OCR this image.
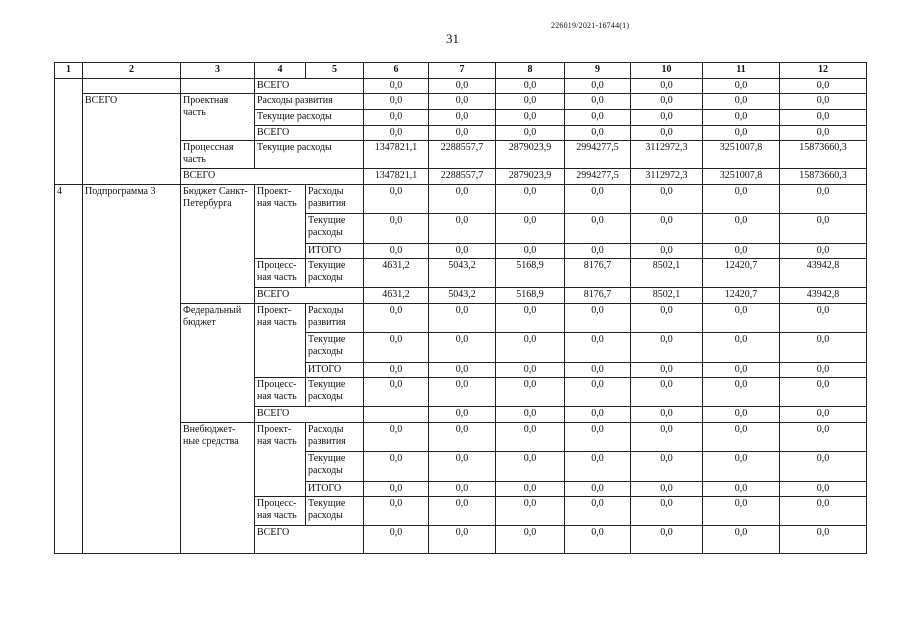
226019/2021-16744(1)
31
1	2	3	4	5	6	7	8	9	10	11	12
			ВСЕГО		0,0	0,0	0,0	0,0	0,0	0,0	0,0
	ВСЕГО	Проектная часть	Расходы развития		0,0	0,0	0,0	0,0	0,0	0,0	0,0
			Текущие расходы		0,0	0,0	0,0	0,0	0,0	0,0	0,0
			ВСЕГО		0,0	0,0	0,0	0,0	0,0	0,0	0,0
		Процессная часть	Текущие расходы		1347821,1	2288557,7	2879023,9	2994277,5	3112972,3	3251007,8	15873660,3
		ВСЕГО			1347821,1	2288557,7	2879023,9	2994277,5	3112972,3	3251007,8	15873660,3
4	Подпрограмма 3	Бюджет Санкт-Петербурга	Проект-ная часть	Расходы развития	0,0	0,0	0,0	0,0	0,0	0,0	0,0
				Текущие расходы	0,0	0,0	0,0	0,0	0,0	0,0	0,0
				ИТОГО	0,0	0,0	0,0	0,0	0,0	0,0	0,0
			Процесс-ная часть	Текущие расходы	4631,2	5043,2	5168,9	8176,7	8502,1	12420,7	43942,8
			ВСЕГО		4631,2	5043,2	5168,9	8176,7	8502,1	12420,7	43942,8
		Федеральный бюджет	Проект-ная часть	Расходы развития	0,0	0,0	0,0	0,0	0,0	0,0	0,0
				Текущие расходы	0,0	0,0	0,0	0,0	0,0	0,0	0,0
				ИТОГО	0,0	0,0	0,0	0,0	0,0	0,0	0,0
			Процесс-ная часть	Текущие расходы	0,0	0,0	0,0	0,0	0,0	0,0	0,0
			ВСЕГО			0,0	0,0	0,0	0,0	0,0	0,0
		Внебюджет-ные средства	Проект-ная часть	Расходы развития	0,0	0,0	0,0	0,0	0,0	0,0	0,0
				Текущие расходы	0,0	0,0	0,0	0,0	0,0	0,0	0,0
				ИТОГО	0,0	0,0	0,0	0,0	0,0	0,0	0,0
			Процесс-ная часть	Текущие расходы	0,0	0,0	0,0	0,0	0,0	0,0	0,0
			ВСЕГО		0,0	0,0	0,0	0,0	0,0	0,0	0,0
